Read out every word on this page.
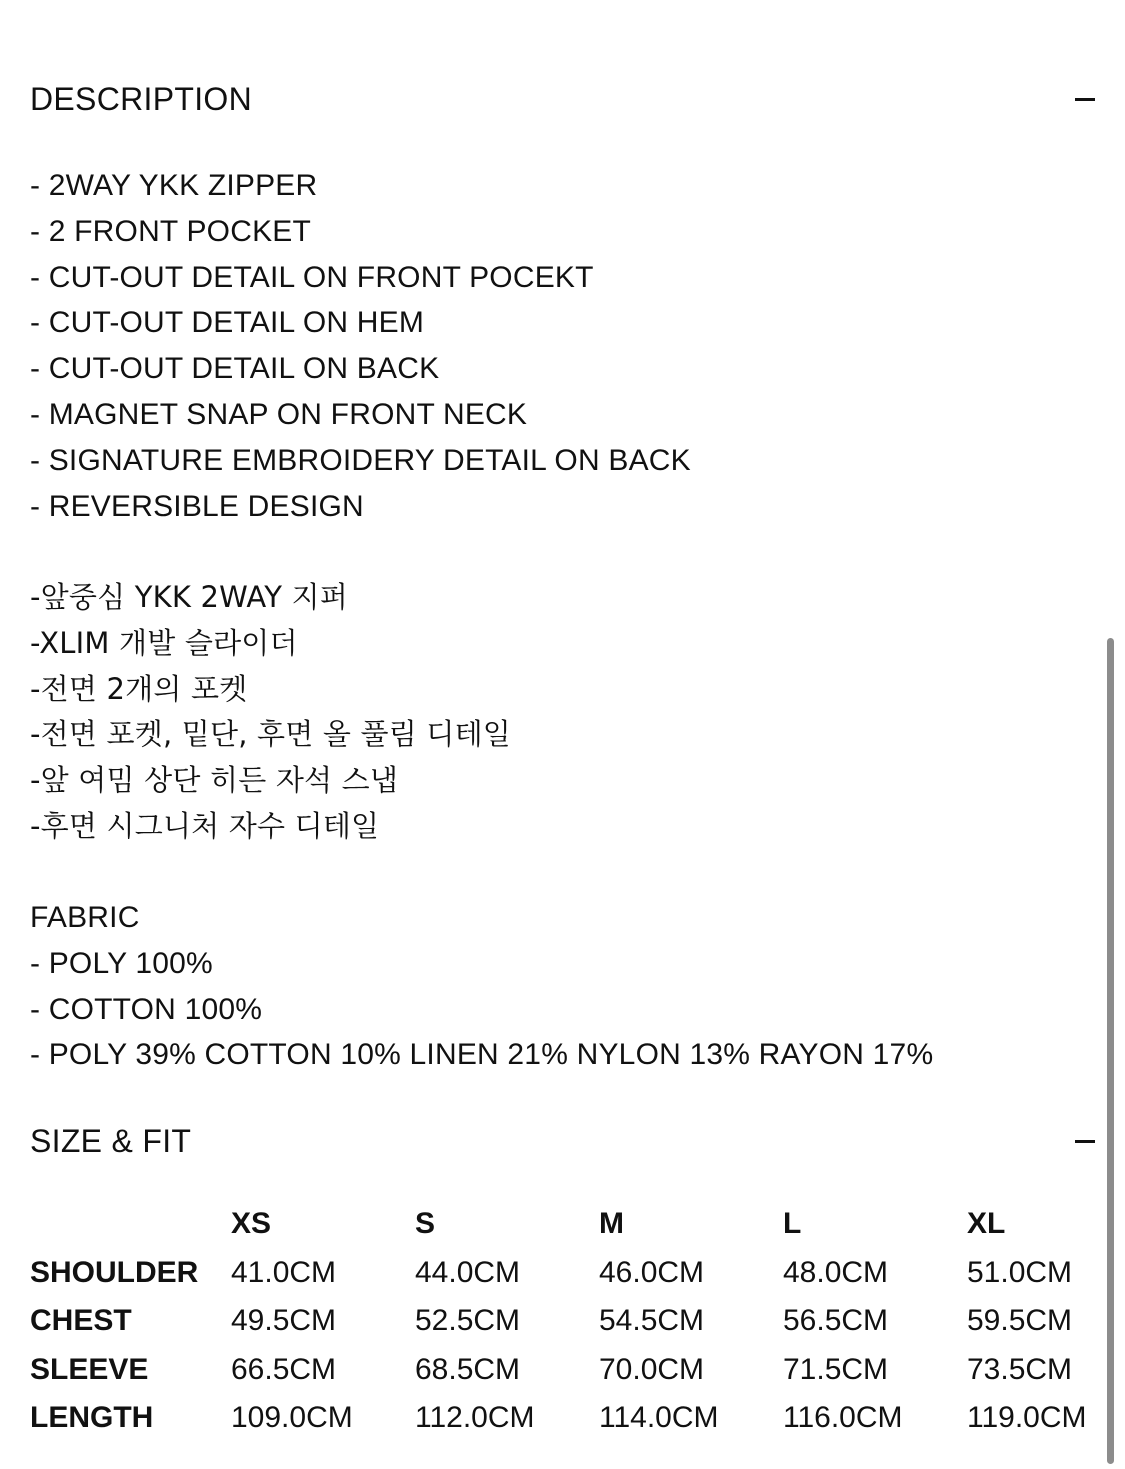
DESCRIPTION
- 2WAY YKK ZIPPER
- 2 FRONT POCKET
- CUT-OUT DETAIL ON FRONT POCEKT
- CUT-OUT DETAIL ON HEM
- CUT-OUT DETAIL ON BACK
- MAGNET SNAP ON FRONT NECK
- SIGNATURE EMBROIDERY DETAIL ON BACK
- REVERSIBLE DESIGN
-앞중심 YKK 2WAY 지퍼
-XLIM 개발 슬라이더
-전면 2개의 포켓
-전면 포켓, 밑단, 후면 올 풀림 디테일
-앞 여밈 상단 히든 자석 스냅
-후면 시그니처 자수 디테일
FABRIC
- POLY 100%
- COTTON 100%
- POLY 39% COTTON 10% LINEN 21% NYLON 13% RAYON 17%
SIZE & FIT
	XS	S	M	L	XL
SHOULDER	41.0CM	44.0CM	46.0CM	48.0CM	51.0CM
CHEST	49.5CM	52.5CM	54.5CM	56.5CM	59.5CM
SLEEVE	66.5CM	68.5CM	70.0CM	71.5CM	73.5CM
LENGTH	109.0CM	112.0CM	114.0CM	116.0CM	119.0CM
